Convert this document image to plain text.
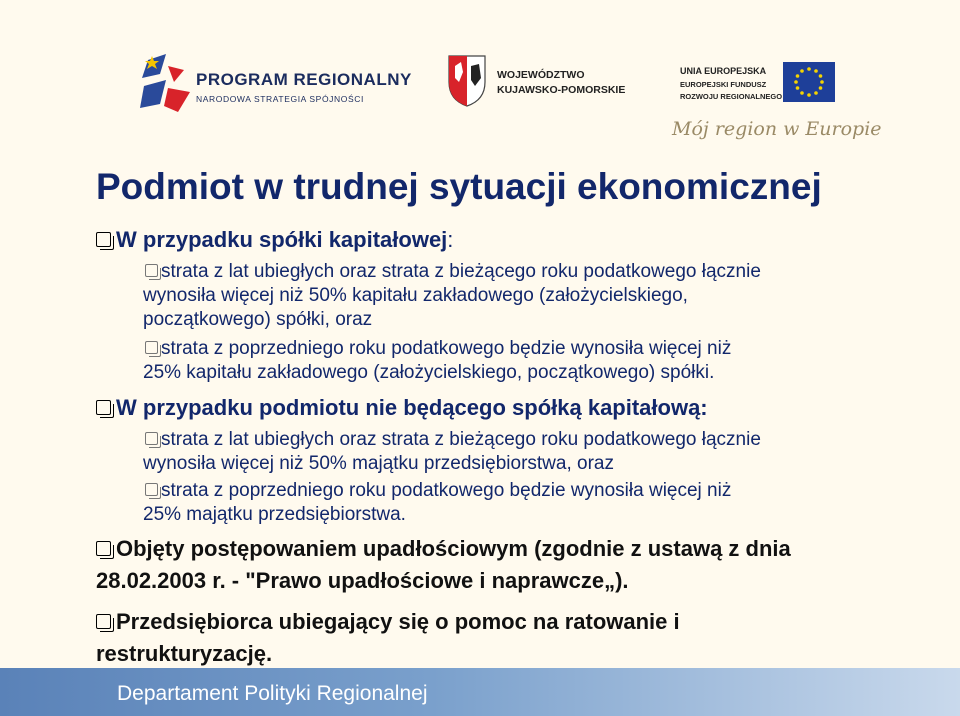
PROGRAM REGIONALNY
NARODOWA STRATEGIA SPÓJNOŚCI
WOJEWÓDZTWO
KUJAWSKO-POMORSKIE
UNIA EUROPEJSKA
EUROPEJSKI FUNDUSZ
ROZWOJU REGIONALNEGO
Mój region w Europie
Podmiot w trudnej sytuacji ekonomicznej

W przypadku spółki kapitałowej:

strata z lat ubiegłych oraz strata z bieżącego roku podatkowego łącznie
wynosiła więcej niż 50% kapitału zakładowego (założycielskiego,
początkowego) spółki, oraz
strata z poprzedniego roku podatkowego będzie wynosiła więcej niż
25% kapitału zakładowego (założycielskiego, początkowego) spółki.

W przypadku podmiotu nie będącego spółką kapitałową:

strata z lat ubiegłych oraz strata z bieżącego roku podatkowego łącznie
wynosiła więcej niż 50% majątku przedsiębiorstwa, oraz
strata z poprzedniego roku podatkowego będzie wynosiła więcej niż
25% majątku przedsiębiorstwa.
Objęty postępowaniem upadłościowym (zgodnie z ustawą z dnia
28.02.2003 r. - "Prawo upadłościowe i naprawcze„).
Przedsiębiorca ubiegający się o pomoc na ratowanie i
restrukturyzację.
Departament Polityki Regionalnej
